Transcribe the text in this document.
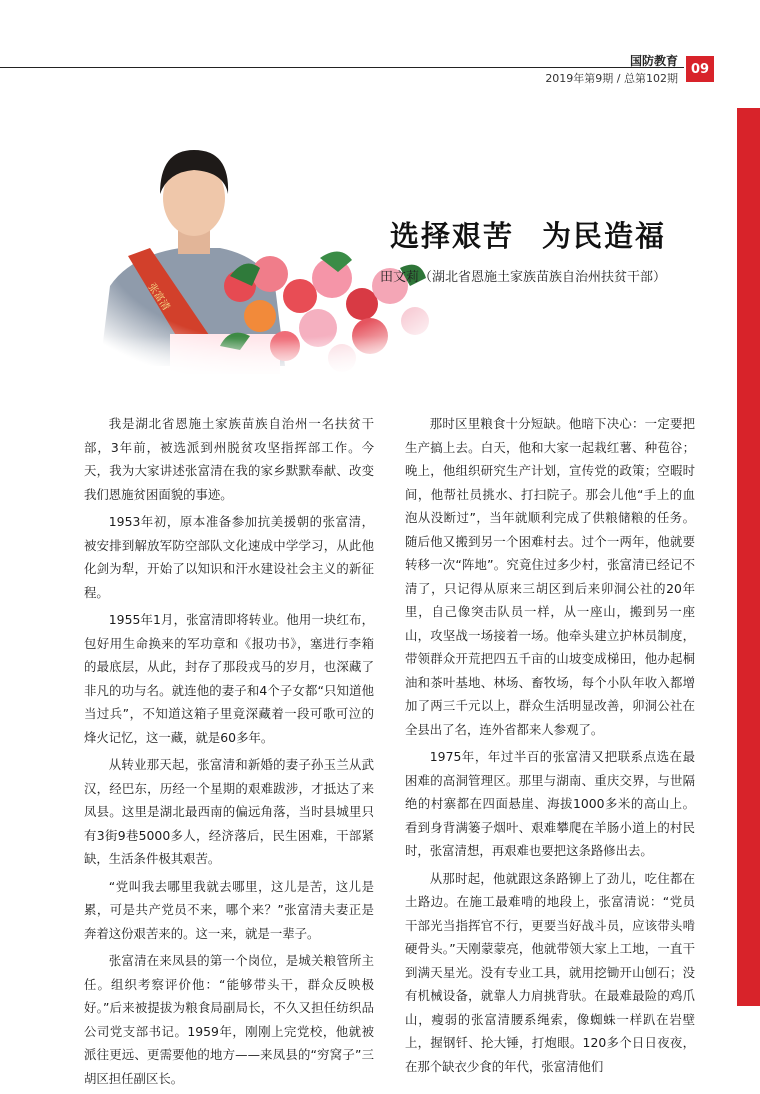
国防教育
2019年第9期 / 总第102期
09
张富清
选择艰苦 为民造福
田文莉（湖北省恩施土家族苗族自治州扶贫干部）

我是湖北省恩施土家族苗族自治州一名扶贫干部，3年前，被选派到州脱贫攻坚指挥部工作。今天，我为大家讲述张富清在我的家乡默默奉献、改变我们恩施贫困面貌的事迹。

1953年初，原本准备参加抗美援朝的张富清，被安排到解放军防空部队文化速成中学学习，从此他化剑为犁，开始了以知识和汗水建设社会主义的新征程。

1955年1月，张富清即将转业。他用一块红布，包好用生命换来的军功章和《报功书》，塞进行李箱的最底层，从此，封存了那段戎马的岁月，也深藏了非凡的功与名。就连他的妻子和4个子女都“只知道他当过兵”，不知道这箱子里竟深藏着一段可歌可泣的烽火记忆，这一藏，就是60多年。

从转业那天起，张富清和新婚的妻子孙玉兰从武汉，经巴东，历经一个星期的艰难跋涉，才抵达了来凤县。这里是湖北最西南的偏远角落，当时县城里只有3街9巷5000多人，经济落后，民生困难，干部紧缺，生活条件极其艰苦。

“党叫我去哪里我就去哪里，这儿是苦，这儿是累，可是共产党员不来，哪个来？”张富清夫妻正是奔着这份艰苦来的。这一来，就是一辈子。

张富清在来凤县的第一个岗位，是城关粮管所主任。组织考察评价他：“能够带头干，群众反映极好。”后来被提拔为粮食局副局长，不久又担任纺织品公司党支部书记。1959年，刚刚上完党校，他就被派往更远、更需要他的地方——来凤县的“穷窝子”三胡区担任副区长。

那时区里粮食十分短缺。他暗下决心：一定要把生产搞上去。白天，他和大家一起栽红薯、种苞谷；晚上，他组织研究生产计划，宣传党的政策；空暇时间，他帮社员挑水、打扫院子。那会儿他“手上的血泡从没断过”，当年就顺利完成了供粮储粮的任务。随后他又搬到另一个困难村去。过个一两年，他就要转移一次“阵地”。究竟住过多少村，张富清已经记不清了，只记得从原来三胡区到后来卯洞公社的20年里，自己像突击队员一样，从一座山，搬到另一座山，攻坚战一场接着一场。他牵头建立护林员制度，带领群众开荒把四五千亩的山坡变成梯田，他办起桐油和茶叶基地、林场、畜牧场，每个小队年收入都增加了两三千元以上，群众生活明显改善，卯洞公社在全县出了名，连外省都来人参观了。

1975年，年过半百的张富清又把联系点选在最困难的高洞管理区。那里与湖南、重庆交界，与世隔绝的村寨都在四面悬崖、海拔1000多米的高山上。看到身背满篓子烟叶、艰难攀爬在羊肠小道上的村民时，张富清想，再艰难也要把这条路修出去。

从那时起，他就跟这条路铆上了劲儿，吃住都在土路边。在施工最难啃的地段上，张富清说：“党员干部光当指挥官不行，更要当好战斗员，应该带头啃硬骨头。”天刚蒙蒙亮，他就带领大家上工地，一直干到满天星光。没有专业工具，就用挖锄开山刨石；没有机械设备，就靠人力肩挑背驮。在最难最险的鸡爪山，瘦弱的张富清腰系绳索，像蜘蛛一样趴在岩壁上，握钢钎、抡大锤，打炮眼。120多个日日夜夜，在那个缺衣少食的年代，张富清他们
